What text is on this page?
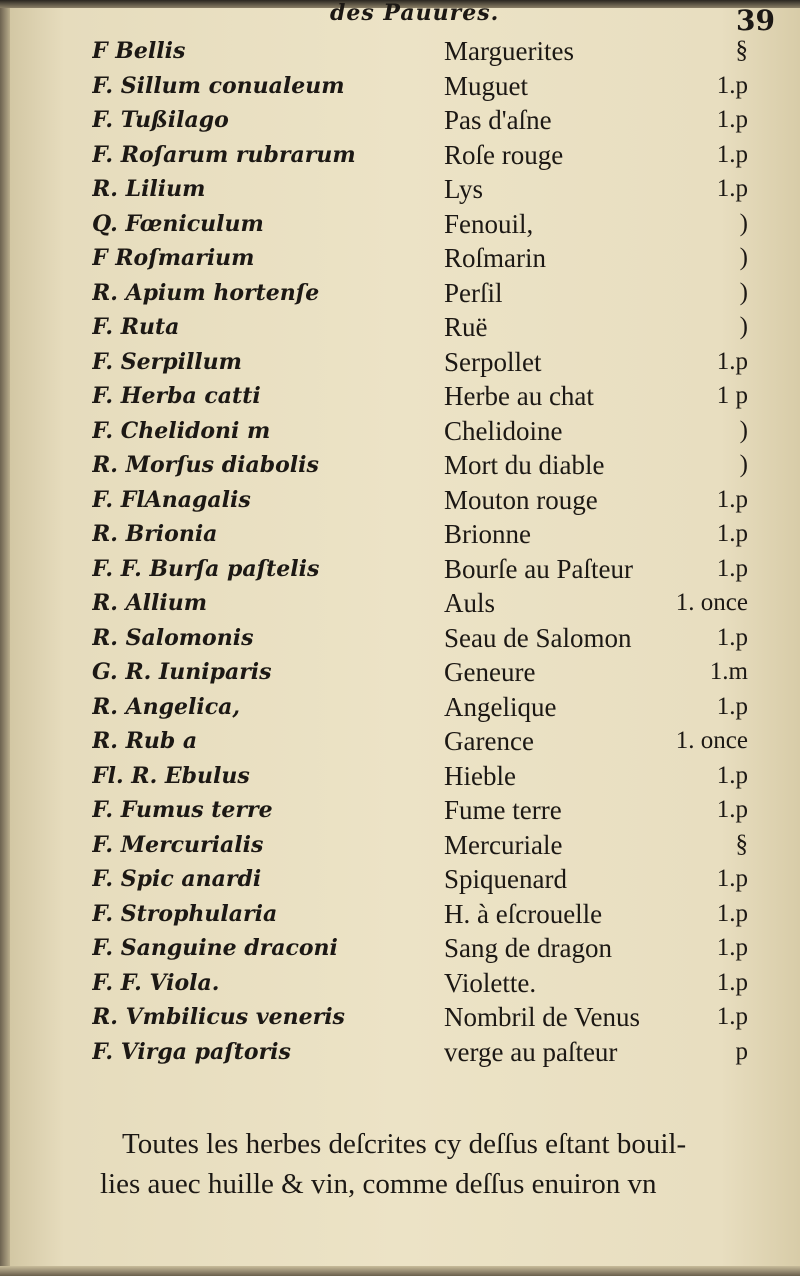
des Pauures.	39
F Bellis	Marguerites	§
F. Sillum conualeum	Muguet	1.p
F. Tußilago	Pas d'aſne	1.p
F. Roſarum rubrarum	Roſe rouge	1.p
R. Lilium	Lys	1.p
Q. Fœniculum	Fenouil,	)
F Roſmarium	Roſmarin	)
R. Apium hortenſe	Perſil	)
F. Ruta	Ruë	)
F. Serpillum	Serpollet	1.p
F. Herba catti	Herbe au chat	1 p
F. Chelidoni m	Chelidoine	)
R. Morſus diabolis	Mort du diable	)
F. FlAnagalis	Mouton rouge	1.p
R. Brionia	Brionne	1.p
F. F. Burſa paſtelis	Bourſe au Paſteur	1.p
R. Allium	Auls	1. once
R. Salomonis	Seau de Salomon	1.p
G. R. Iuniparis	Geneure	1.m
R. Angelica,	Angelique	1.p
R. Rub a	Garence	1. once
Fl. R. Ebulus	Hieble	1.p
F. Fumus terre	Fume terre	1.p
F. Mercurialis	Mercuriale	§
F. Spic anardi	Spiquenard	1.p
F. Strophularia	H. à eſcrouelle	1.p
F. Sanguine draconi	Sang de dragon	1.p
F. F. Viola.	Violette.	1.p
R. Vmbilicus veneris	Nombril de Venus	1.p
F. Virga paſtoris	verge au paſteur	p
Toutes les herbes deſcrites cy deſſus eſtant bouil-
lies auec huille & vin, comme deſſus enuiron vn
